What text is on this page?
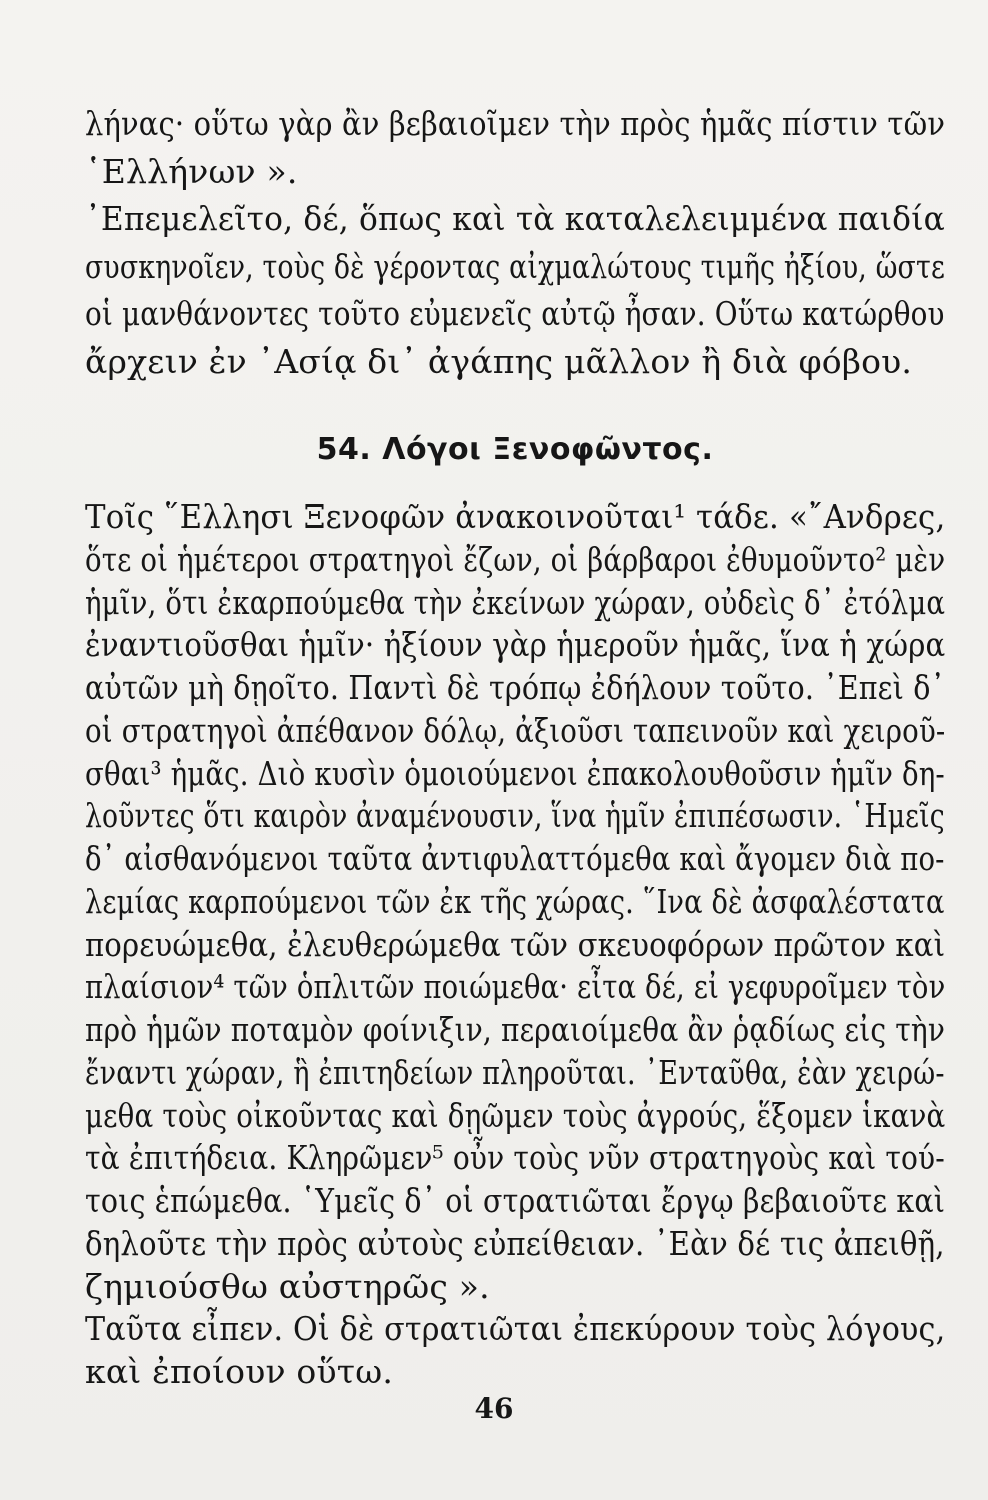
λήνας· οὕτω γὰρ ἂν βεβαιοῖμεν τὴν πρὸς ἡμᾶς πίστιν τῶν
῾Ελλήνων ».
᾿Επεμελεῖτο, δέ, ὅπως καὶ τὰ καταλελειμμένα παιδία
συσκηνοῖεν, τοὺς δὲ γέροντας αἰχμαλώτους τιμῆς ἠξίου, ὥστε
οἱ μανθάνοντες τοῦτο εὐμενεῖς αὐτῷ ἦσαν. Οὕτω κατώρθου
ἄρχειν ἐν ᾿Ασίᾳ δι᾿ ἀγάπης μᾶλλον ἢ διὰ φόβου.
54. Λόγοι Ξενοφῶντος.
Τοῖς ῞Ελλησι Ξενοφῶν ἀνακοινοῦται¹ τάδε. «῎Ανδρες,
ὅτε οἱ ἡμέτεροι στρατηγοὶ ἔζων, οἱ βάρβαροι ἐθυμοῦντο² μὲν
ἡμῖν, ὅτι ἐκαρπούμεθα τὴν ἐκείνων χώραν, οὐδεὶς δ᾿ ἐτόλμα
ἐναντιοῦσθαι ἡμῖν· ἠξίουν γὰρ ἡμεροῦν ἡμᾶς, ἵνα ἡ χώρα
αὐτῶν μὴ δῃοῖτο. Παντὶ δὲ τρόπῳ ἐδήλουν τοῦτο. ᾿Επεὶ δ᾿
οἱ στρατηγοὶ ἀπέθανον δόλῳ, ἀξιοῦσι ταπεινοῦν καὶ χειροῦ-
σθαι³ ἡμᾶς. Διὸ κυσὶν ὁμοιούμενοι ἐπακολουθοῦσιν ἡμῖν δη-
λοῦντες ὅτι καιρὸν ἀναμένουσιν, ἵνα ἡμῖν ἐπιπέσωσιν. ῾Ημεῖς
δ᾿ αἰσθανόμενοι ταῦτα ἀντιφυλαττόμεθα καὶ ἄγομεν διὰ πο-
λεμίας καρπούμενοι τῶν ἐκ τῆς χώρας. ῞Ινα δὲ ἀσφαλέστατα
πορευώμεθα, ἐλευθερώμεθα τῶν σκευοφόρων πρῶτον καὶ
πλαίσιον⁴ τῶν ὁπλιτῶν ποιώμεθα· εἶτα δέ, εἰ γεφυροῖμεν τὸν
πρὸ ἡμῶν ποταμὸν φοίνιξιν, περαιοίμεθα ἂν ῥᾳδίως εἰς τὴν
ἔναντι χώραν, ἣ ἐπιτηδείων πληροῦται. ᾿Ενταῦθα, ἐὰν χειρώ-
μεθα τοὺς οἰκοῦντας καὶ δῃῶμεν τοὺς ἀγρούς, ἕξομεν ἱκανὰ
τὰ ἐπιτήδεια. Κληρῶμεν⁵ οὖν τοὺς νῦν στρατηγοὺς καὶ τού-
τοις ἑπώμεθα. ῾Υμεῖς δ᾿ οἱ στρατιῶται ἔργῳ βεβαιοῦτε καὶ
δηλοῦτε τὴν πρὸς αὐτοὺς εὐπείθειαν. ᾿Εὰν δέ τις ἀπειθῇ,
ζημιούσθω αὐστηρῶς ».
Ταῦτα εἶπεν. Οἱ δὲ στρατιῶται ἐπεκύρουν τοὺς λόγους,
καὶ ἐποίουν οὕτω.
46
